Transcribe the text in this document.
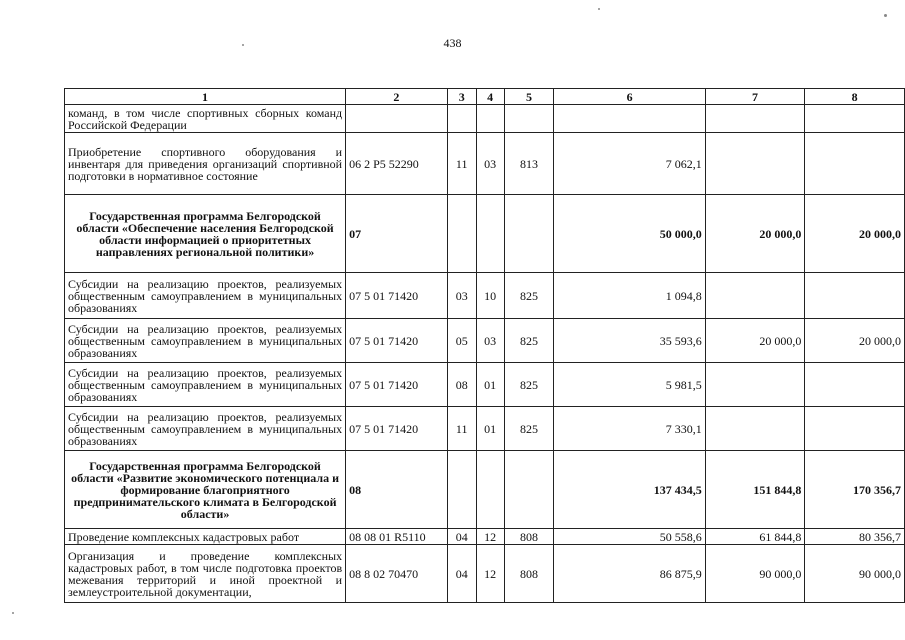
438
1	2	3	4	5	6	7	8
команд, в том числе спортивных сборных команд Российской Федерации							
Приобретение спортивного оборудования и инвентаря для приведения организаций спортивной подготовки в нормативное состояние	06 2 P5 52290	11	03	813	7 062,1		
Государственная программа Белгородской области «Обеспечение населения Белгородской области информацией о приоритетных направлениях региональной политики»	07				50 000,0	20 000,0	20 000,0
Субсидии на реализацию проектов, реализуемых общественным самоуправлением в муниципальных образованиях	07 5 01 71420	03	10	825	1 094,8		
Субсидии на реализацию проектов, реализуемых общественным самоуправлением в муниципальных образованиях	07 5 01 71420	05	03	825	35 593,6	20 000,0	20 000,0
Субсидии на реализацию проектов, реализуемых общественным самоуправлением в муниципальных образованиях	07 5 01 71420	08	01	825	5 981,5		
Субсидии на реализацию проектов, реализуемых общественным самоуправлением в муниципальных образованиях	07 5 01 71420	11	01	825	7 330,1		
Государственная программа Белгородской области «Развитие экономического потенциала и формирование благоприятного предпринимательского климата в Белгородской области»	08				137 434,5	151 844,8	170 356,7
Проведение комплексных кадастровых работ	08 08 01 R5110	04	12	808	50 558,6	61 844,8	80 356,7
Организация и проведение комплексных кадастровых работ, в том числе подготовка проектов межевания территорий и иной проектной и землеустроительной документации,	08 8 02 70470	04	12	808	86 875,9	90 000,0	90 000,0
